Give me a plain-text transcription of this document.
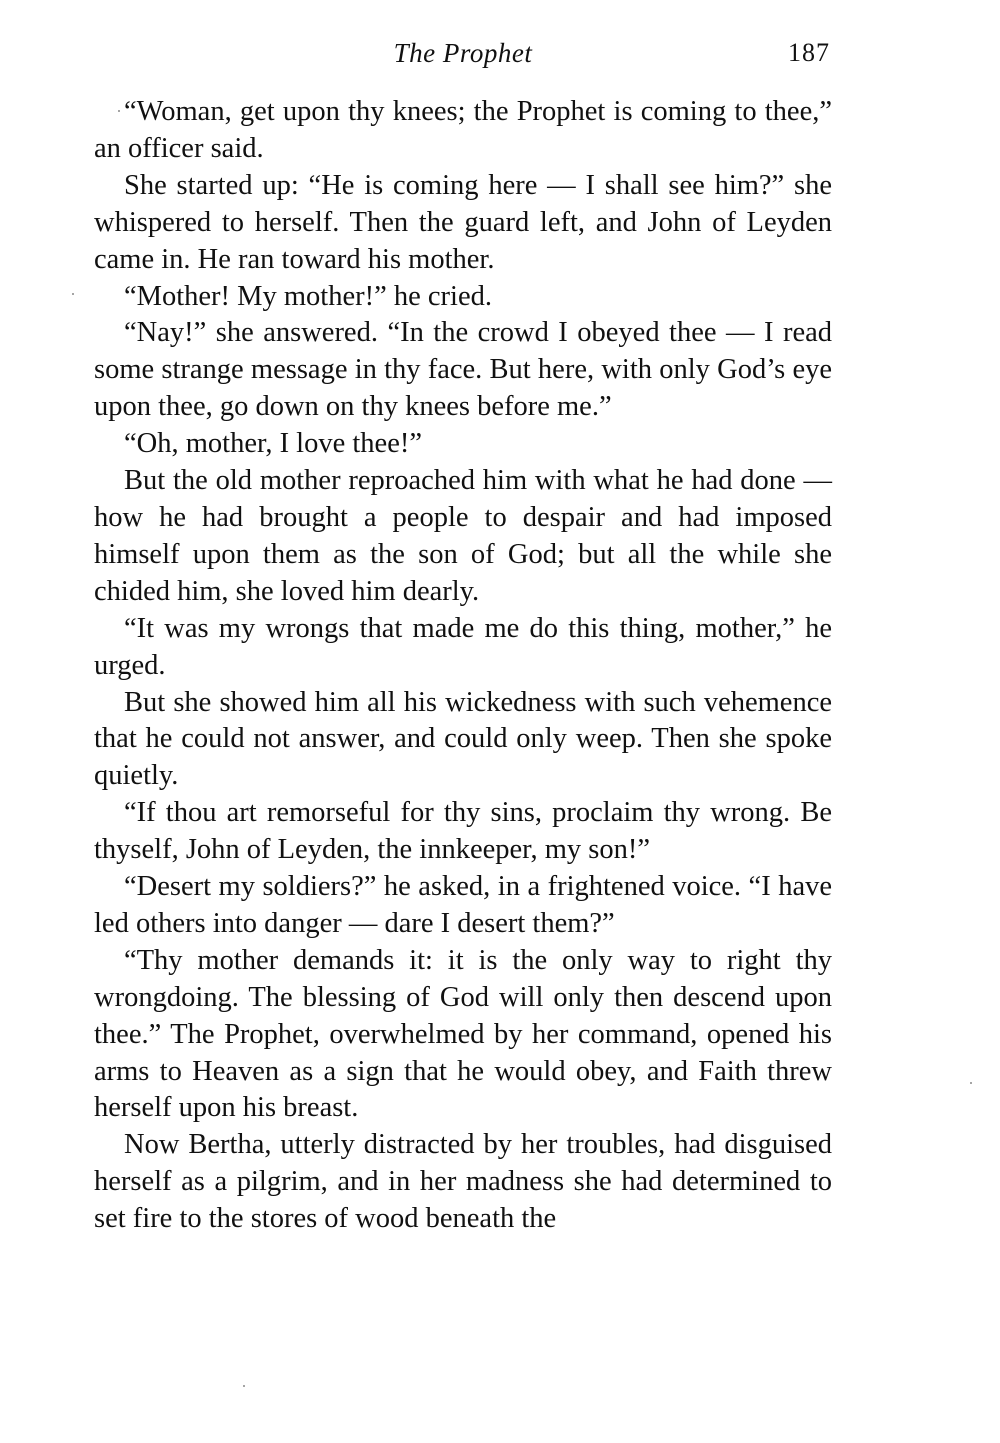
The Prophet	187

“Woman, get upon thy knees; the Prophet is coming to thee,” an officer said.

She started up: “He is coming here — I shall see him?” she whispered to herself. Then the guard left, and John of Leyden came in. He ran toward his mother.

“Mother! My mother!” he cried.

“Nay!” she answered. “In the crowd I obeyed thee — I read some strange message in thy face. But here, with only God’s eye upon thee, go down on thy knees before me.”

“Oh, mother, I love thee!”

But the old mother reproached him with what he had done — how he had brought a people to despair and had imposed himself upon them as the son of God; but all the while she chided him, she loved him dearly.

“It was my wrongs that made me do this thing, mother,” he urged.

But she showed him all his wickedness with such vehemence that he could not answer, and could only weep. Then she spoke quietly.

“If thou art remorseful for thy sins, proclaim thy wrong. Be thyself, John of Leyden, the innkeeper, my son!”

“Desert my soldiers?” he asked, in a frightened voice. “I have led others into danger — dare I desert them?”

“Thy mother demands it: it is the only way to right thy wrongdoing. The blessing of God will only then descend upon thee.” The Prophet, overwhelmed by her command, opened his arms to Heaven as a sign that he would obey, and Faith threw herself upon his breast.

Now Bertha, utterly distracted by her troubles, had disguised herself as a pilgrim, and in her madness she had determined to set fire to the stores of wood beneath the
